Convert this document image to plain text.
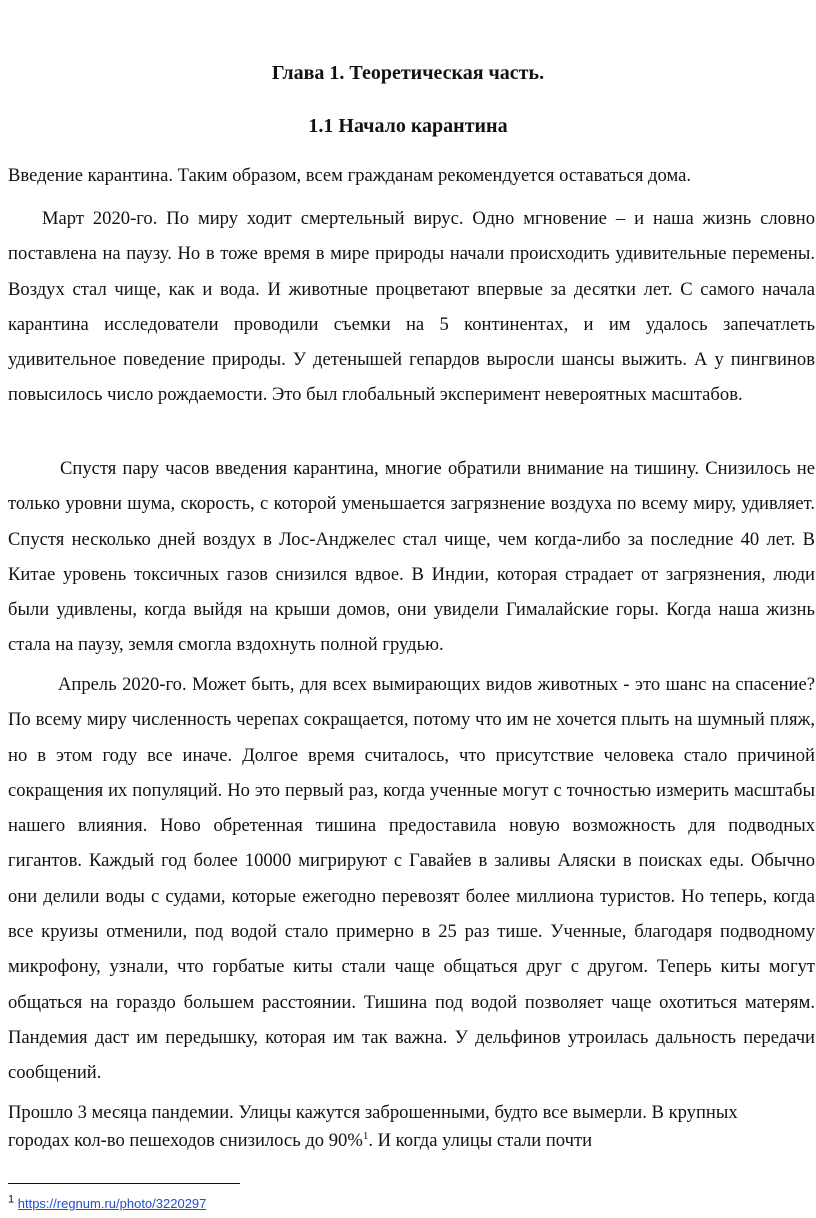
Глава 1. Теоретическая часть.
1.1 Начало карантина
Введение карантина. Таким образом, всем гражданам рекомендуется оставаться дома.

Март 2020-го. По миру ходит смертельный вирус. Одно мгновение – и наша жизнь словно поставлена на паузу. Но в тоже время в мире природы начали происходить удивительные перемены. Воздух стал чище, как и вода. И животные процветают впервые за десятки лет. С самого начала карантина исследователи проводили съемки на 5 континентах, и им удалось запечатлеть удивительное поведение природы. У детенышей гепардов выросли шансы выжить. А у пингвинов повысилось число рождаемости. Это был глобальный эксперимент невероятных масштабов.

Спустя пару часов введения карантина, многие обратили внимание на тишину. Снизилось не только уровни шума, скорость, с которой уменьшается загрязнение воздуха по всему миру, удивляет. Спустя несколько дней воздух в Лос-Анджелес стал чище, чем когда-либо за последние 40 лет. В Китае уровень токсичных газов снизился вдвое. В Индии, которая страдает от загрязнения, люди были удивлены, когда выйдя на крыши домов, они увидели Гималайские горы. Когда наша жизнь стала на паузу, земля смогла вздохнуть полной грудью.

Апрель 2020-го. Может быть, для всех вымирающих видов животных - это шанс на спасение? По всему миру численность черепах сокращается, потому что им не хочется плыть на шумный пляж, но в этом году все иначе. Долгое время считалось, что присутствие человека стало причиной сокращения их популяций. Но это первый раз, когда ученные могут с точностью измерить масштабы нашего влияния. Ново обретенная тишина предоставила новую возможность для подводных гигантов. Каждый год более 10000 мигрируют с Гавайев в заливы Аляски в поисках еды. Обычно они делили воды с судами, которые ежегодно перевозят более миллиона туристов. Но теперь, когда все круизы отменили, под водой стало примерно в 25 раз тише. Ученные, благодаря подводному микрофону, узнали, что горбатые киты стали чаще общаться друг с другом. Теперь киты могут общаться на гораздо большем расстоянии. Тишина под водой позволяет чаще охотиться матерям. Пандемия даст им передышку, которая им так важна. У дельфинов утроилась дальность передачи сообщений.

Прошло 3 месяца пандемии. Улицы кажутся заброшенными, будто все вымерли. В крупных
городах кол-во пешеходов снизилось до 90%$^1$. И когда улицы стали почти
$^1$ https://regnum.ru/photo/3220297
